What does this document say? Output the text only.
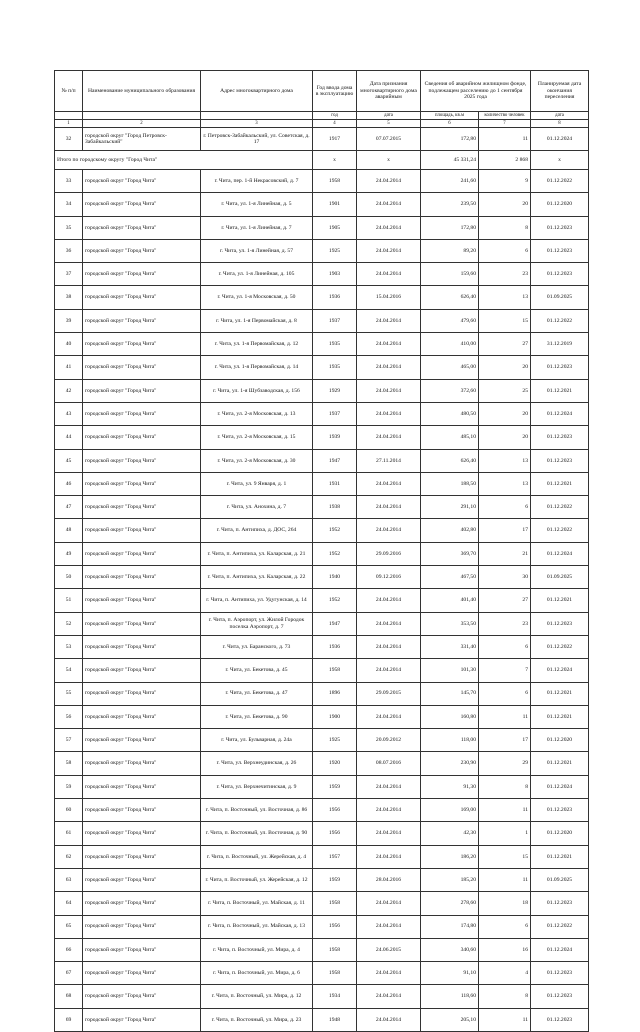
№ п/п	Наименование муниципального образования	Адрес многоквартирного дома	Год ввода дома в эксплуатацию	Дата признания многоквартирного дома аварийным	Сведения об аварийном жилищном фонде, подлежащем расселению до 1 сентября 2025 года		Планируемая дата окончания переселения
			год	дата	площадь, кв.м	количество человек	дата
1	2	3	4	5	6	7	8
32	городской округ "Город Петровск-Забайкальский"	г. Петровск-Забайкальский, ул. Советская, д. 17	1917	07.07.2015	172,80	11	01.12.2024
Итого по городскому округу "Город Чита"			x	x	45 331,24	2 868	x
33	городской округ "Город Чита"	г. Чита, пер. 1-й Некрасовский, д. 7	1958	24.04.2014	241,60	9	01.12.2022
34	городской округ "Город Чита"	г. Чита, ул. 1-я Линейная, д. 5	1901	24.04.2014	239,50	20	01.12.2020
35	городской округ "Город Чита"	г. Чита, ул. 1-я Линейная, д. 7	1905	24.04.2014	172,80	8	01.12.2023
36	городской округ "Город Чита"	г. Чита, ул. 1-я Линейная, д. 57	1925	24.04.2014	89,20	6	01.12.2023
37	городской округ "Город Чита"	г. Чита, ул. 1-я Линейная, д. 105	1903	24.04.2014	159,60	23	01.12.2023
38	городской округ "Город Чита"	г. Чита, ул. 1-я Московская, д. 50	1936	15.04.2016	626,40	13	01.09.2025
39	городской округ "Город Чита"	г. Чита, ул. 1-я Первомайская, д. 8	1937	24.04.2014	479,60	15	01.12.2022
40	городской округ "Город Чита"	г. Чита, ул. 1-я Первомайская, д. 12	1935	24.04.2014	410,00	27	31.12.2019
41	городской округ "Город Чита"	г. Чита, ул. 1-я Первомайская, д. 14	1935	24.04.2014	465,00	20	01.12.2023
42	городской округ "Город Чита"	г. Чита, ул. 1-я Шубзаводская, д. 156	1929	24.04.2014	372,60	25	01.12.2021
43	городской округ "Город Чита"	г. Чита, ул. 2-я Московская, д. 13	1937	24.04.2014	480,50	20	01.12.2024
44	городской округ "Город Чита"	г. Чита, ул. 2-я Московская, д. 15	1939	24.04.2014	485,10	20	01.12.2023
45	городской округ "Город Чита"	г. Чита, ул. 2-я Московская, д. 30	1947	27.11.2014	626,40	13	01.12.2023
46	городской округ "Город Чита"	г. Чита, ул. 9 Января, д. 1	1931	24.04.2014	188,50	13	01.12.2021
47	городской округ "Город Чита"	г. Чита, ул. Анохина, д. 7	1938	24.04.2014	291,10	6	01.12.2022
48	городской округ "Город Чита"	г. Чита, п. Антипиха, д. ДОС, 264	1952	24.04.2014	402,80	17	01.12.2022
49	городской округ "Город Чита"	г. Чита, п. Антипиха, ул. Каларская, д. 21	1952	29.09.2016	369,70	21	01.12.2024
50	городской округ "Город Чита"	г. Чита, п. Антипиха, ул. Каларская, д. 22	1940	09.12.2016	467,50	30	01.09.2025
51	городской округ "Город Чита"	г. Чита, п. Антипиха, ул. Удугунская, д. 14	1952	24.04.2014	401,40	27	01.12.2021
52	городской округ "Город Чита"	г. Чита, п. Аэропорт, ул. Жилой Городок поселка Аэропорт, д. 7	1947	24.04.2014	353,50	23	01.12.2023
53	городской округ "Город Чита"	г. Чита, ул. Баранского, д. 73	1936	24.04.2014	331,40	6	01.12.2022
54	городской округ "Город Чита"	г. Чита, ул. Бекетова, д. 45	1958	24.04.2014	101,30	7	01.12.2024
55	городской округ "Город Чита"	г. Чита, ул. Бекетова, д. 47	1896	29.09.2015	145,70	6	01.12.2021
56	городской округ "Город Чита"	г. Чита, ул. Бекетова, д. 90	1900	24.04.2014	160,80	11	01.12.2021
57	городской округ "Город Чита"	г. Чита, ул. Бульварная, д. 24а	1925	20.09.2012	118,00	17	01.12.2020
58	городской округ "Город Чита"	г. Чита, ул. Верхнеудинская, д. 26	1920	08.07.2016	230,90	29	01.12.2021
59	городской округ "Город Чита"	г. Чита, ул. Верхнечитинская, д. 9	1959	24.04.2014	91,30	8	01.12.2024
60	городской округ "Город Чита"	г. Чита, п. Восточный, ул. Восточная, д. 86	1956	24.04.2014	169,00	11	01.12.2023
61	городской округ "Город Чита"	г. Чита, п. Восточный, ул. Восточная, д. 90	1956	24.04.2014	42,30	1	01.12.2020
62	городской округ "Город Чита"	г. Чита, п. Восточный, ул. Жерейская, д. 4	1957	24.04.2014	186,20	15	01.12.2021
63	городской округ "Город Чита"	г. Чита, п. Восточный, ул. Жерейская, д. 12	1959	28.04.2016	185,20	11	01.09.2025
64	городской округ "Город Чита"	г. Чита, п. Восточный, ул. Майская, д. 11	1958	24.04.2014	278,60	18	01.12.2023
65	городской округ "Город Чита"	г. Чита, п. Восточный, ул. Майская, д. 13	1956	24.04.2014	174,80	6	01.12.2022
66	городской округ "Город Чита"	г. Чита, п. Восточный, ул. Мира, д. 4	1958	24.06.2015	340,60	16	01.12.2024
67	городской округ "Город Чита"	г. Чита, п. Восточный, ул. Мира, д. 6	1958	24.04.2014	91,10	4	01.12.2023
68	городской округ "Город Чита"	г. Чита, п. Восточный, ул. Мира, д. 12	1934	24.04.2014	118,60	8	01.12.2023
69	городской округ "Город Чита"	г. Чита, п. Восточный, ул. Мира, д. 23	1948	24.04.2014	205,10	11	01.12.2023
